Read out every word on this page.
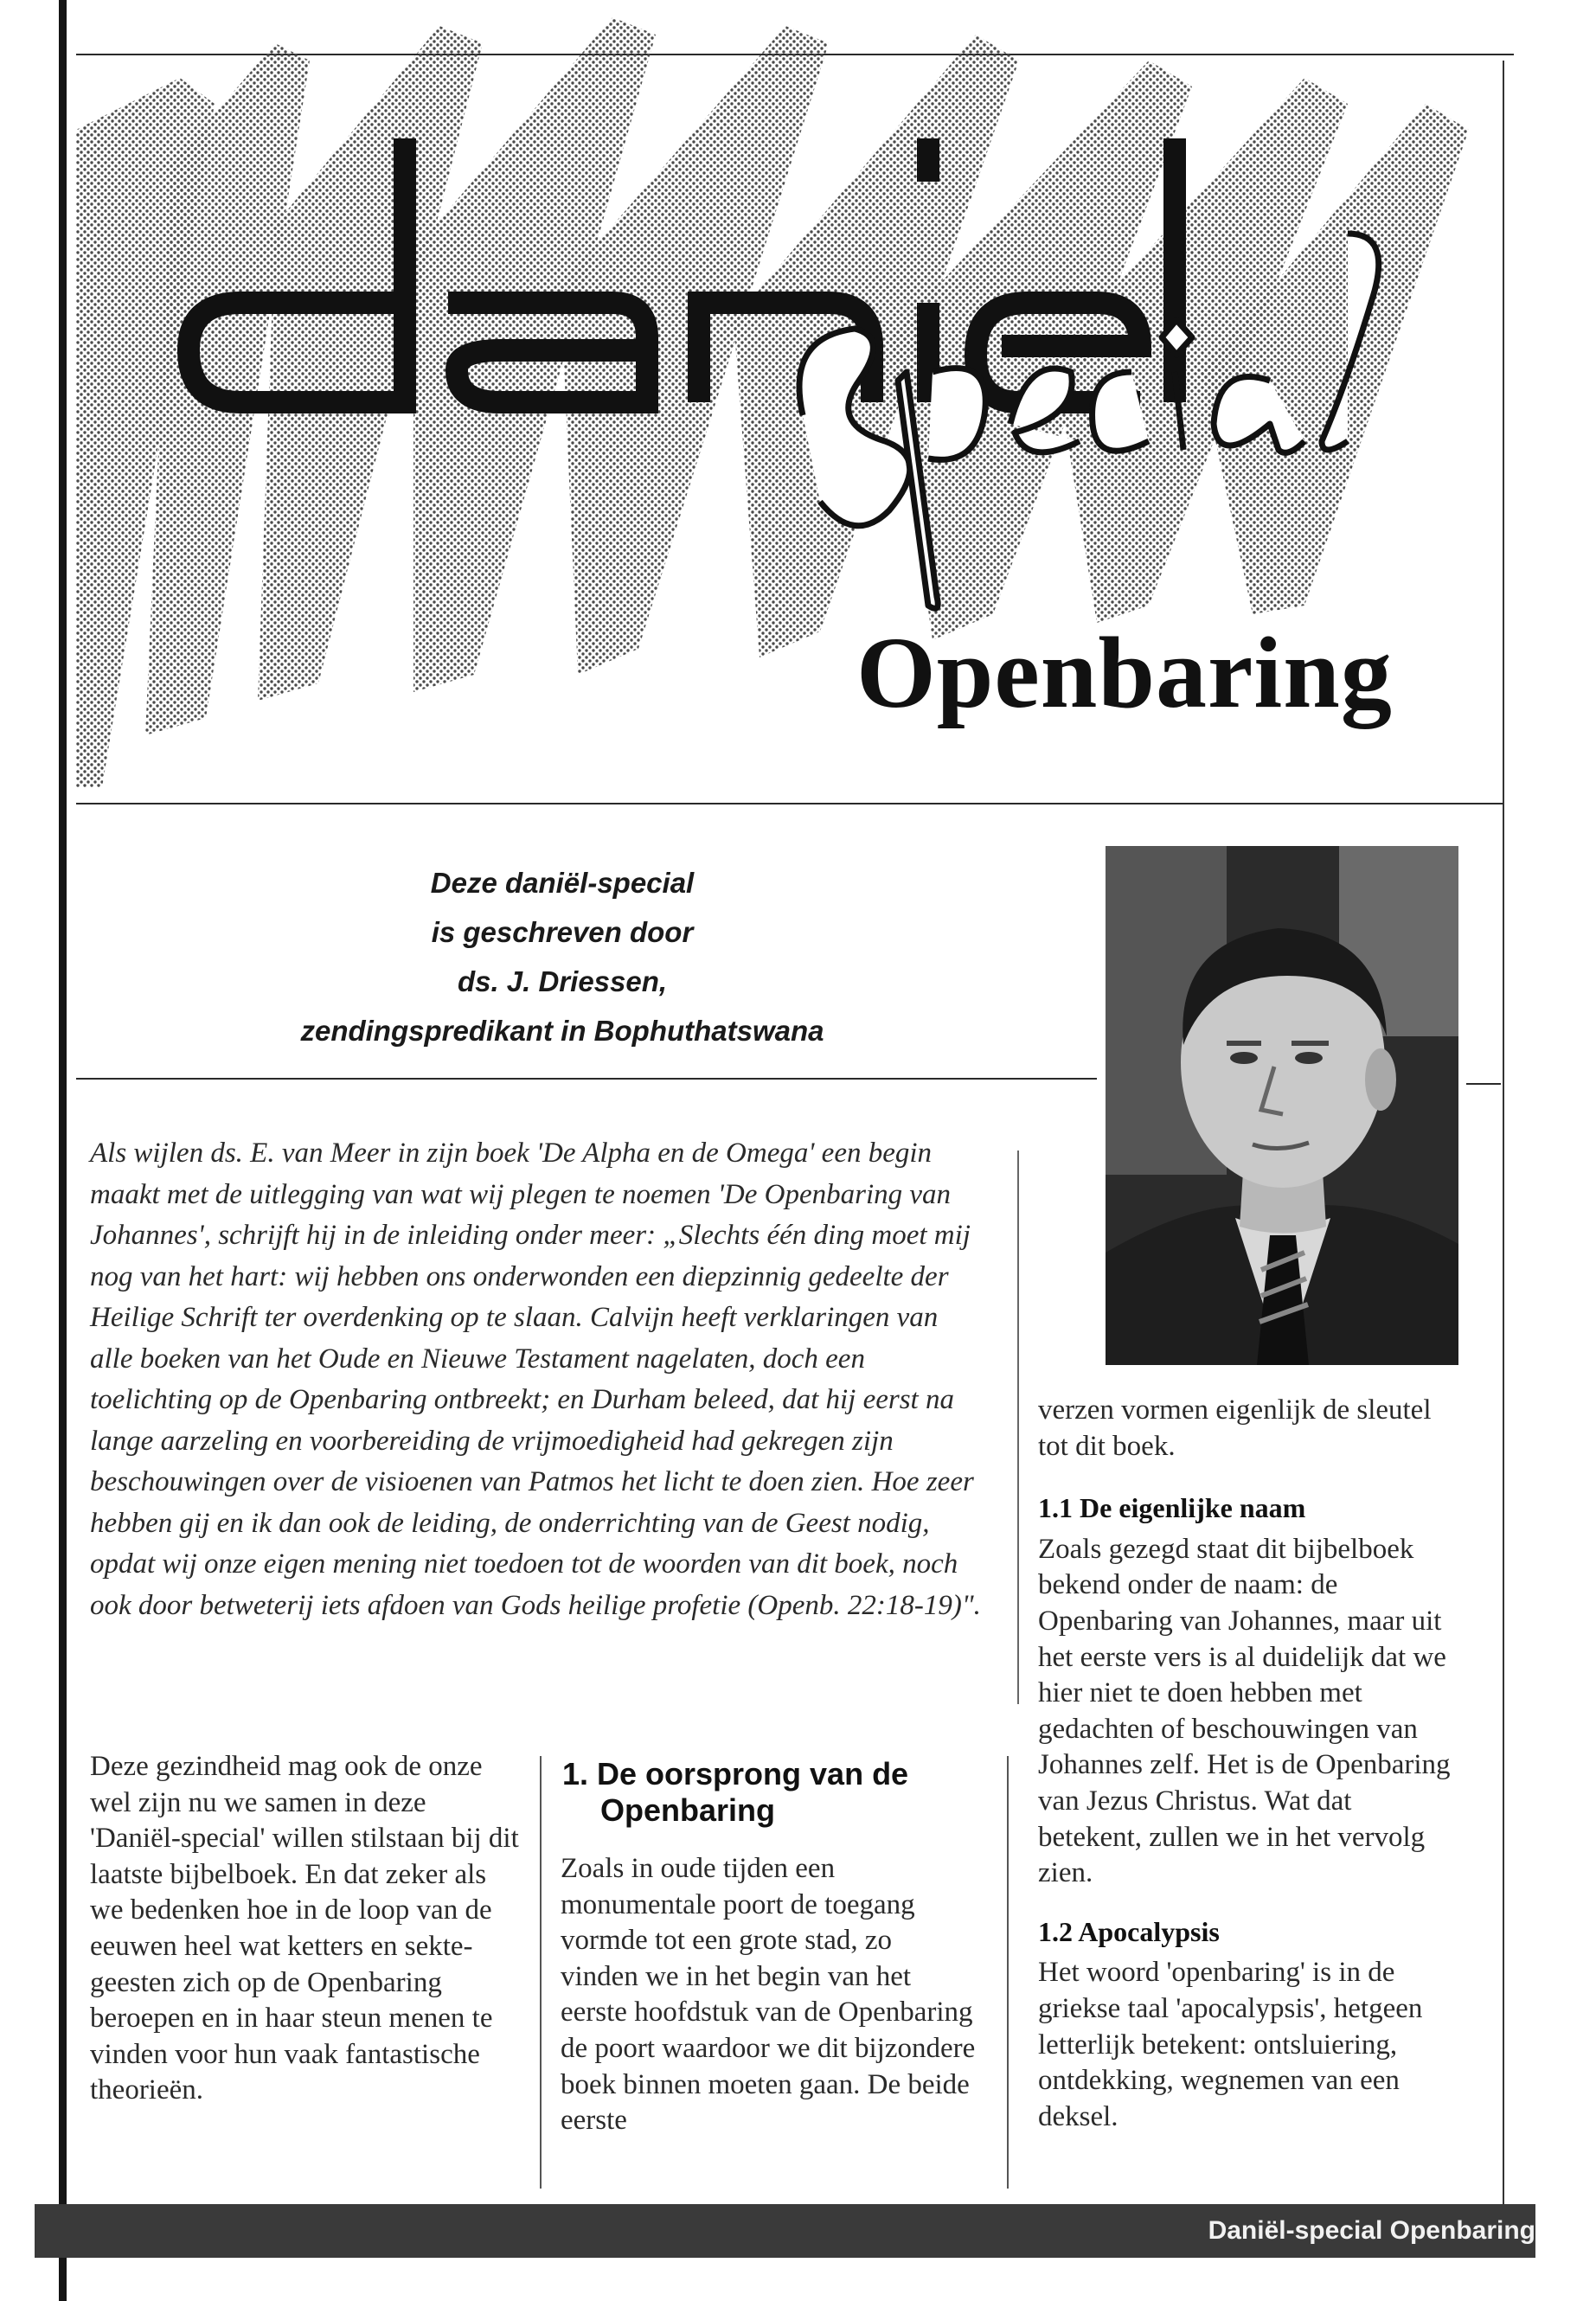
Openbaring
Deze daniël-special
is geschreven door
ds. J. Driessen,
zendingspredikant in Bophuthatswana
Als wijlen ds. E. van Meer in zijn boek 'De Alpha en de Omega' een begin maakt met de uitlegging van wat wij plegen te noemen 'De Openbaring van Johannes', schrijft hij in de inleiding onder meer: „Slechts één ding moet mij nog van het hart: wij hebben ons onderwonden een diepzinnig gedeelte der Heilige Schrift ter overdenking op te slaan. Calvijn heeft verklaringen van alle boeken van het Oude en Nieuwe Testament nagelaten, doch een toelichting op de Openbaring ontbreekt; en Durham beleed, dat hij eerst na lange aarzeling en voorbereiding de vrijmoedigheid had gekregen zijn beschouwingen over de visioenen van Patmos het licht te doen zien. Hoe zeer hebben gij en ik dan ook de leiding, de onderrichting van de Geest nodig, opdat wij onze eigen mening niet toedoen tot de woorden van dit boek, noch ook door betweterij iets afdoen van Gods heilige profetie (Openb. 22:18-19)".
Deze gezindheid mag ook de onze wel zijn nu we samen in deze 'Daniël-special' willen stilstaan bij dit laatste bijbelboek. En dat zeker als we bedenken hoe in de loop van de eeuwen heel wat ketters en sekte-geesten zich op de Openbaring beroepen en in haar steun menen te vinden voor hun vaak fantastische theorieën.
1. De oorsprong van de
Openbaring
Zoals in oude tijden een monumentale poort de toegang vormde tot een grote stad, zo vinden we in het begin van het eerste hoofdstuk van de Openbaring de poort waardoor we dit bijzondere boek binnen moeten gaan. De beide eerste
verzen vormen eigenlijk de sleutel tot dit boek.
1.1 De eigenlijke naam
Zoals gezegd staat dit bijbelboek bekend onder de naam: de Openbaring van Johannes, maar uit het eerste vers is al duidelijk dat we hier niet te doen hebben met gedachten of beschouwingen van Johannes zelf. Het is de Openbaring van Jezus Christus. Wat dat betekent, zullen we in het vervolg zien.
1.2 Apocalypsis
Het woord 'openbaring' is in de griekse taal 'apocalypsis', hetgeen letterlijk betekent: ontsluiering, ontdekking, wegnemen van een deksel.
Daniël-special Openbaring
